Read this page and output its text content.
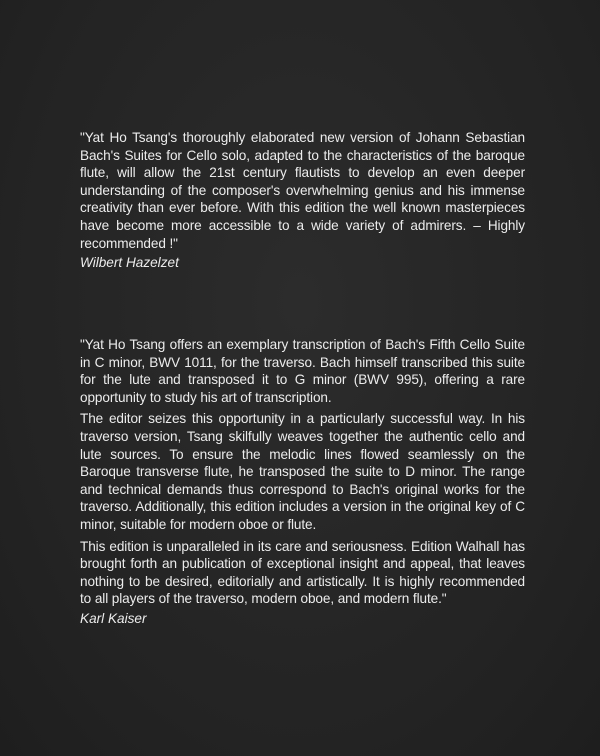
"Yat Ho Tsang's thoroughly elaborated new version of Johann Sebastian Bach's Suites for Cello solo, adapted to the characteristics of the baroque flute, will allow the 21st century flautists to develop an even deeper understanding of the composer's overwhelming genius and his immense creativity than ever before. With this edition the well known masterpieces have become more accessible to a wide variety of admirers. – Highly recommended !"

Wilbert Hazelzet

"Yat Ho Tsang offers an exemplary transcription of Bach's Fifth Cello Suite in C minor, BWV 1011, for the traverso. Bach himself transcribed this suite for the lute and transposed it to G minor (BWV 995), offering a rare opportunity to study his art of transcription.

The editor seizes this opportunity in a particularly successful way. In his traverso version, Tsang skilfully weaves together the authentic cello and lute sources. To ensure the melodic lines flowed seamlessly on the Baroque transverse flute, he transposed the suite to D minor. The range and technical demands thus correspond to Bach's original works for the traverso. Additionally, this edition includes a version in the original key of C minor, suitable for modern oboe or flute.

This edition is unparalleled in its care and seriousness. Edition Walhall has brought forth an publication of exceptional insight and appeal, that leaves nothing to be desired, editorially and artistically. It is highly recommended to all players of the traverso, modern oboe, and modern flute."

Karl Kaiser
